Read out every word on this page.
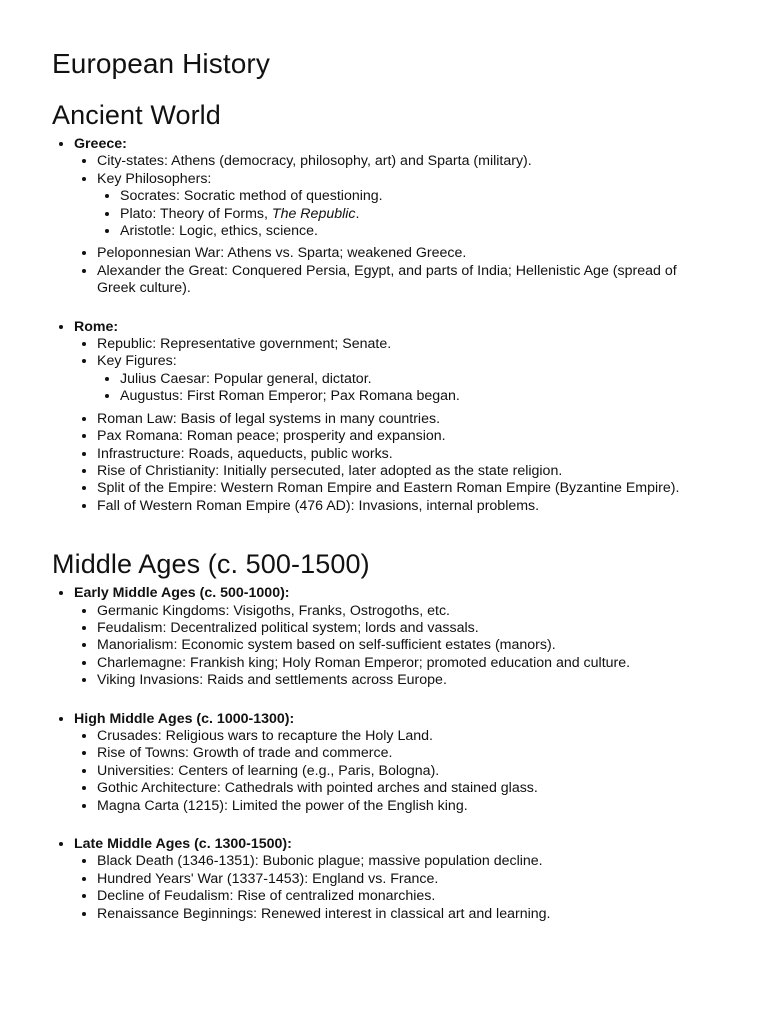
European History
Ancient World
• Greece:
• City-states: Athens (democracy, philosophy, art) and Sparta (military).
• Key Philosophers:
• Socrates: Socratic method of questioning.
• Plato: Theory of Forms, The Republic.
• Aristotle: Logic, ethics, science.
• Peloponnesian War: Athens vs. Sparta; weakened Greece.
• Alexander the Great: Conquered Persia, Egypt, and parts of India; Hellenistic Age (spread of Greek culture).
• Rome:
• Republic: Representative government; Senate.
• Key Figures:
• Julius Caesar: Popular general, dictator.
• Augustus: First Roman Emperor; Pax Romana began.
• Roman Law: Basis of legal systems in many countries.
• Pax Romana: Roman peace; prosperity and expansion.
• Infrastructure: Roads, aqueducts, public works.
• Rise of Christianity: Initially persecuted, later adopted as the state religion.
• Split of the Empire: Western Roman Empire and Eastern Roman Empire (Byzantine Empire).
• Fall of Western Roman Empire (476 AD): Invasions, internal problems.
Middle Ages (c. 500-1500)
• Early Middle Ages (c. 500-1000):
• Germanic Kingdoms: Visigoths, Franks, Ostrogoths, etc.
• Feudalism: Decentralized political system; lords and vassals.
• Manorialism: Economic system based on self-sufficient estates (manors).
• Charlemagne: Frankish king; Holy Roman Emperor; promoted education and culture.
• Viking Invasions: Raids and settlements across Europe.
• High Middle Ages (c. 1000-1300):
• Crusades: Religious wars to recapture the Holy Land.
• Rise of Towns: Growth of trade and commerce.
• Universities: Centers of learning (e.g., Paris, Bologna).
• Gothic Architecture: Cathedrals with pointed arches and stained glass.
• Magna Carta (1215): Limited the power of the English king.
• Late Middle Ages (c. 1300-1500):
• Black Death (1346-1351): Bubonic plague; massive population decline.
• Hundred Years' War (1337-1453): England vs. France.
• Decline of Feudalism: Rise of centralized monarchies.
• Renaissance Beginnings: Renewed interest in classical art and learning.
